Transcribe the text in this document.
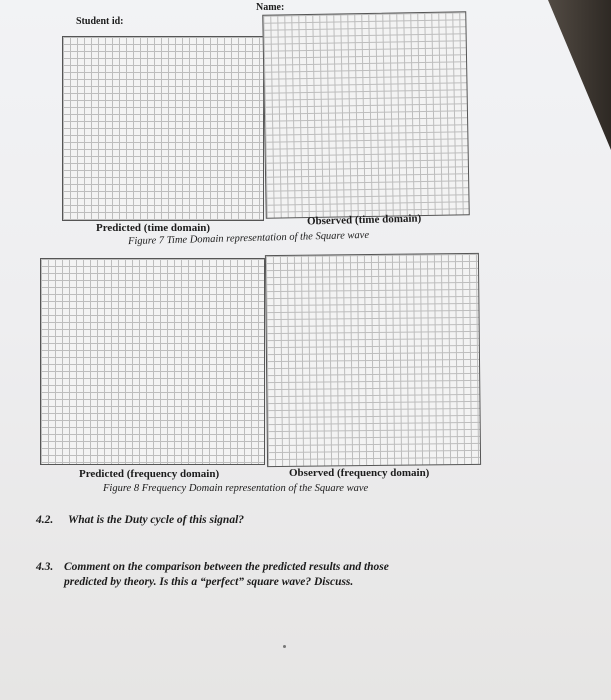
Name:
Student id:
Predicted (time domain)
Observed (time domain)
Figure 7 Time Domain representation of the Square wave
Predicted (frequency domain)	Observed (frequency domain)
Figure 8 Frequency Domain representation of the Square wave
4.2. What is the Duty cycle of this signal?
4.3. Comment on the comparison between the predicted results and those
predicted by theory. Is this a “perfect” square wave? Discuss.
